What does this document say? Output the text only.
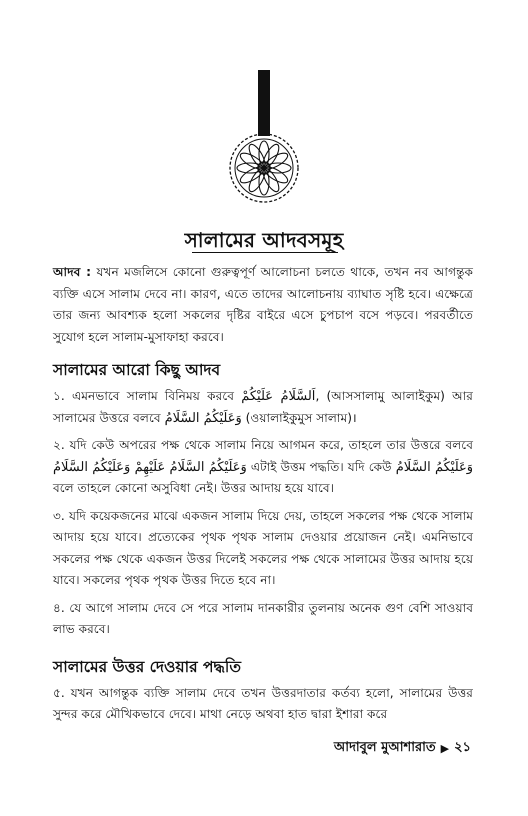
সালামের আদবসমূহ

আদব : যখন মজলিসে কোনো গুরুত্বপূর্ণ আলোচনা চলতে থাকে, তখন নব আগন্তুক ব্যক্তি এসে সালাম দেবে না। কারণ, এতে তাদের আলোচনায় ব্যাঘাত সৃষ্টি হবে। এক্ষেত্রে তার জন্য আবশ্যক হলো সকলের দৃষ্টির বাইরে এসে চুপচাপ বসে পড়বে। পরবর্তীতে সুযোগ হলে সালাম-মুসাফাহা করবে।

সালামের আরো কিছু আদব

১. এমনভাবে সালাম বিনিময় করবে اَلسَّلَامُ عَلَيْكُمْ, (আসসালামু আলাইকুম) আর সালামের উত্তরে বলবে وَعَلَيْكُمُ السَّلَامُ (ওয়ালাইকুমুস সালাম)।

২. যদি কেউ অপরের পক্ষ থেকে সালাম নিয়ে আগমন করে, তাহলে তার উত্তরে বলবে وَعَلَيْكُمُ السَّلَامُ عَلَيْهِمْ وَعَلَيْكُمُ السَّلَامُ এটাই উত্তম পদ্ধতি। যদি কেউ وَعَلَيْكُمُ السَّلَامُ বলে তাহলে কোনো অসুবিধা নেই। উত্তর আদায় হয়ে যাবে।

৩. যদি কয়েকজনের মাঝে একজন সালাম দিয়ে দেয়, তাহলে সকলের পক্ষ থেকে সালাম আদায় হয়ে যাবে। প্রত্যেকের পৃথক পৃথক সালাম দেওয়ার প্রয়োজন নেই। এমনিভাবে সকলের পক্ষ থেকে একজন উত্তর দিলেই সকলের পক্ষ থেকে সালামের উত্তর আদায় হয়ে যাবে। সকলের পৃথক পৃথক উত্তর দিতে হবে না।

৪. যে আগে সালাম দেবে সে পরে সালাম দানকারীর তুলনায় অনেক গুণ বেশি সাওয়াব লাভ করবে।

সালামের উত্তর দেওয়ার পদ্ধতি

৫. যখন আগন্তুক ব্যক্তি সালাম দেবে তখন উত্তরদাতার কর্তব্য হলো, সালামের উত্তর সুন্দর করে মৌখিকভাবে দেবে। মাথা নেড়ে অথবা হাত দ্বারা ইশারা করে

আদাবুল মুআশারাত ▶ ২১
